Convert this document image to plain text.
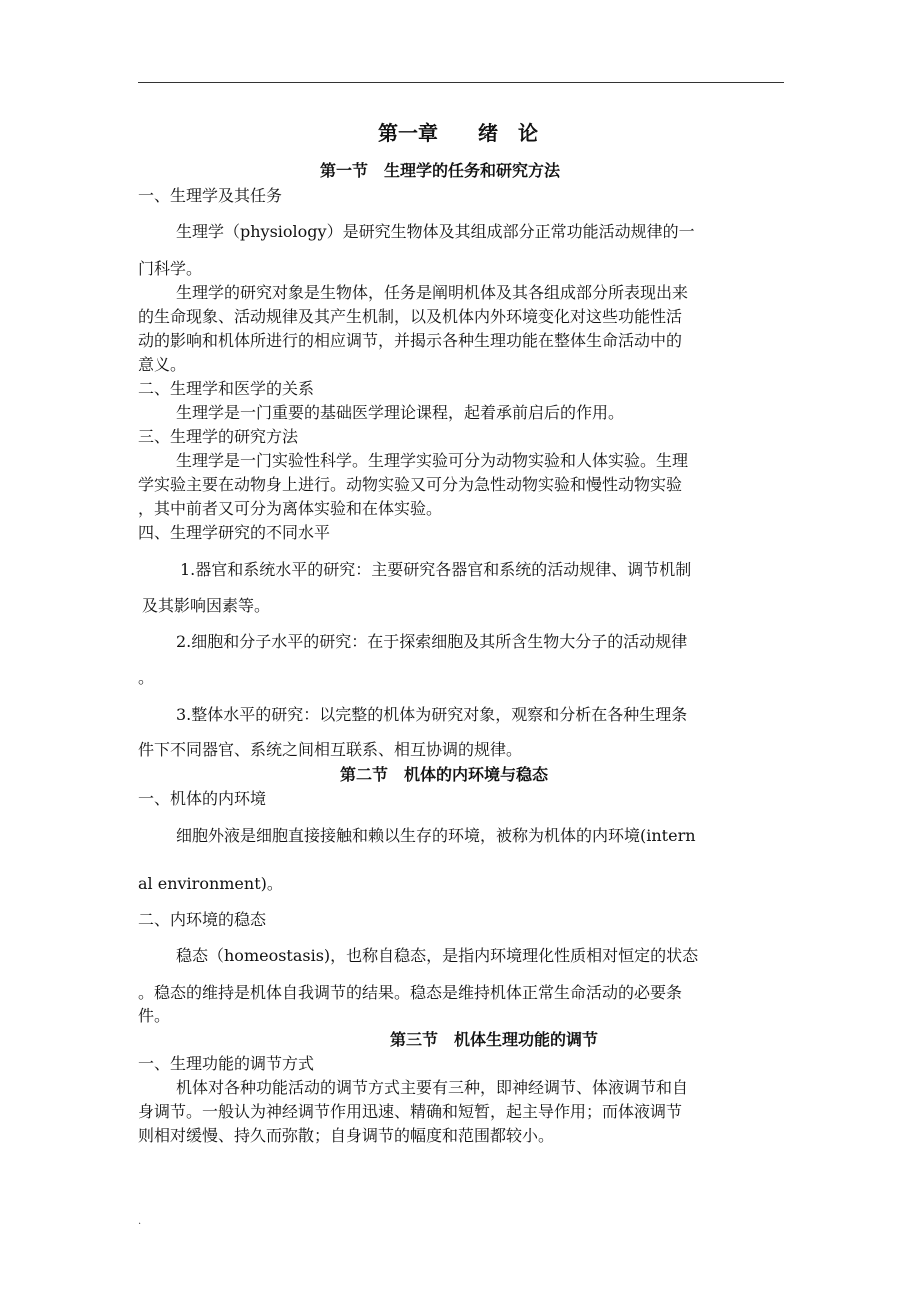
第一章　　绪　论
第一节　生理学的任务和研究方法
一、生理学及其任务
生理学（physiology）是研究生物体及其组成部分正常功能活动规律的一
门科学。
生理学的研究对象是生物体，任务是阐明机体及其各组成部分所表现出来
的生命现象、活动规律及其产生机制，以及机体内外环境变化对这些功能性活
动的影响和机体所进行的相应调节，并揭示各种生理功能在整体生命活动中的
意义。
二、生理学和医学的关系
生理学是一门重要的基础医学理论课程，起着承前启后的作用。
三、生理学的研究方法
生理学是一门实验性科学。生理学实验可分为动物实验和人体实验。生理
学实验主要在动物身上进行。动物实验又可分为急性动物实验和慢性动物实验
，其中前者又可分为离体实验和在体实验。
四、生理学研究的不同水平
1.器官和系统水平的研究：主要研究各器官和系统的活动规律、调节机制
及其影响因素等。
2.细胞和分子水平的研究：在于探索细胞及其所含生物大分子的活动规律
。
3.整体水平的研究：以完整的机体为研究对象，观察和分析在各种生理条
件下不同器官、系统之间相互联系、相互协调的规律。
第二节　机体的内环境与稳态
一、机体的内环境
细胞外液是细胞直接接触和赖以生存的环境，被称为机体的内环境(intern
al environment)。
二、内环境的稳态
稳态（homeostasis)，也称自稳态，是指内环境理化性质相对恒定的状态
。稳态的维持是机体自我调节的结果。稳态是维持机体正常生命活动的必要条
件。
第三节　机体生理功能的调节
一、生理功能的调节方式
机体对各种功能活动的调节方式主要有三种，即神经调节、体液调节和自
身调节。一般认为神经调节作用迅速、精确和短暂，起主导作用；而体液调节
则相对缓慢、持久而弥散；自身调节的幅度和范围都较小。
.
